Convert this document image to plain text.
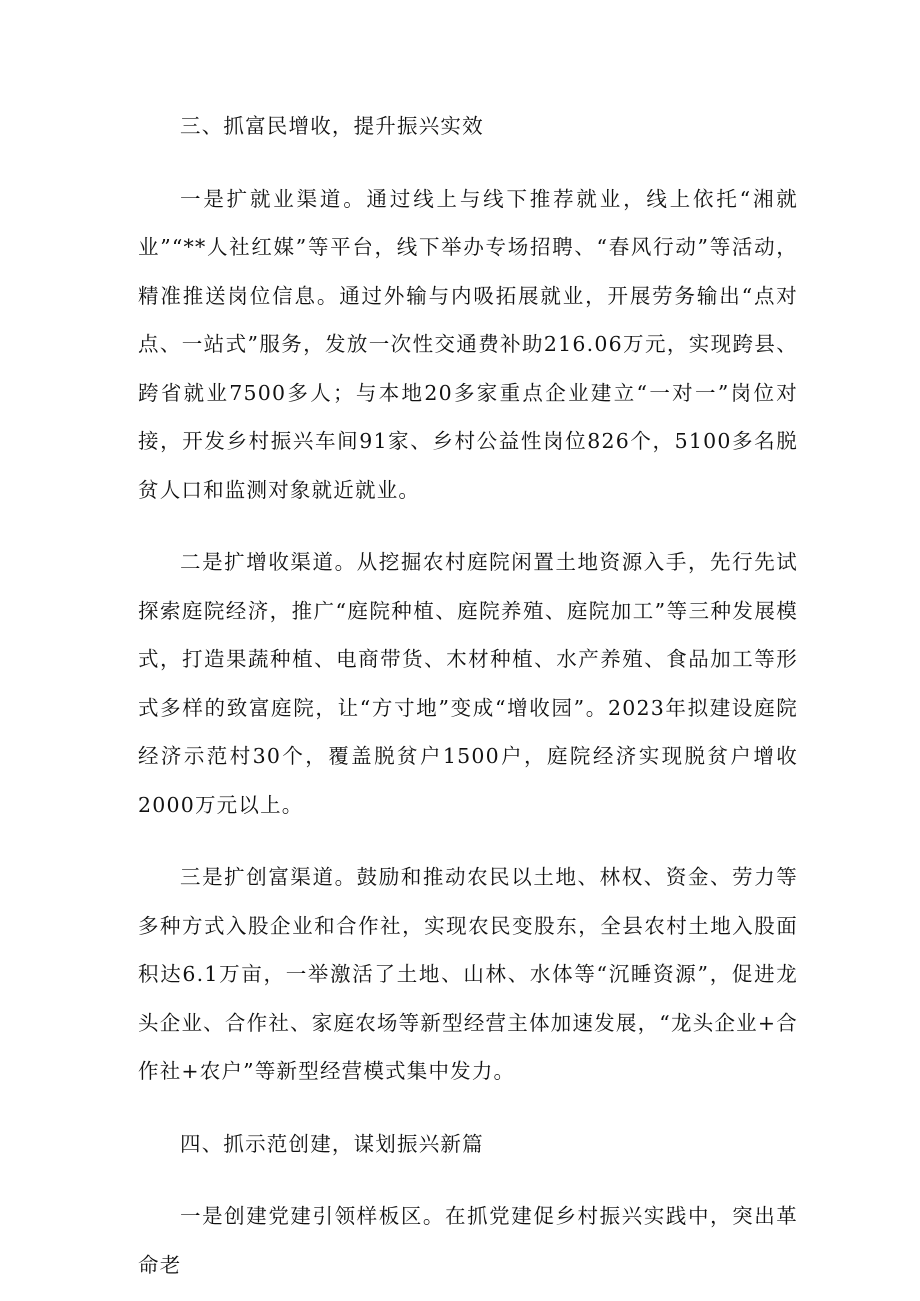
三、抓富民增收，提升振兴实效

一是扩就业渠道。通过线上与线下推荐就业，线上依托“湘就业”“**人社红媒”等平台，线下举办专场招聘、“春风行动”等活动，精准推送岗位信息。通过外输与内吸拓展就业，开展劳务输出“点对点、一站式”服务，发放一次性交通费补助216.06万元，实现跨县、跨省就业7500多人；与本地20多家重点企业建立“一对一”岗位对接，开发乡村振兴车间91家、乡村公益性岗位826个，5100多名脱贫人口和监测对象就近就业。

二是扩增收渠道。从挖掘农村庭院闲置土地资源入手，先行先试探索庭院经济，推广“庭院种植、庭院养殖、庭院加工”等三种发展模式，打造果蔬种植、电商带货、木材种植、水产养殖、食品加工等形式多样的致富庭院，让“方寸地”变成“增收园”。2023年拟建设庭院经济示范村30个，覆盖脱贫户1500户，庭院经济实现脱贫户增收2000万元以上。

三是扩创富渠道。鼓励和推动农民以土地、林权、资金、劳力等多种方式入股企业和合作社，实现农民变股东，全县农村土地入股面积达6.1万亩，一举激活了土地、山林、水体等“沉睡资源”，促进龙头企业、合作社、家庭农场等新型经营主体加速发展，“龙头企业+合作社+农户”等新型经营模式集中发力。

四、抓示范创建，谋划振兴新篇

一是创建党建引领样板区。在抓党建促乡村振兴实践中，突出革命老
